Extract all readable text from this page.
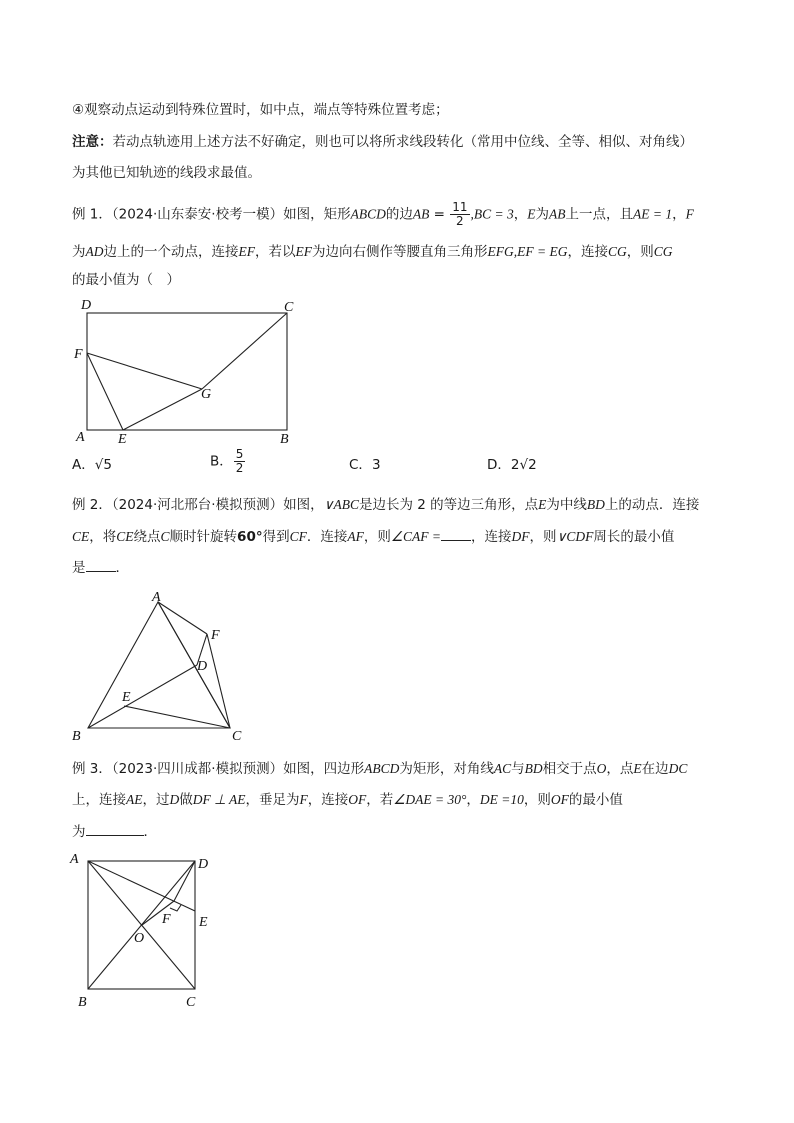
④观察动点运动到特殊位置时，如中点，端点等特殊位置考虑；
注意：若动点轨迹用上述方法不好确定，则也可以将所求线段转化（常用中位线、全等、相似、对角线）
为其他已知轨迹的线段求最值。
例 1．（2024·山东泰安·校考一模）如图，矩形ABCD的边AB = $\frac{11}{2} ,BC = 3$，E为AB上一点，且AE = 1，F
为AD边上的一个动点，连接EF，若以EF为边向右侧作等腰直角三角形EFG,EF = EG，连接CG，则CG
的最小值为（　）
D	C
F
G
A E	B
A．√5	B． $\frac{5}{2}$	C．3	D．2√2
例 2．（2024·河北邢台·模拟预测）如图，∨ABC是边长为 2 的等边三角形，点E为中线BD上的动点．连接
CE，将CE绕点C顺时针旋转60°得到CF．连接AF，则∠CAF = ，连接DF，则∨CDF周长的最小值
是 ．
A
F
D
E
B	C
例 3．（2023·四川成都·模拟预测）如图，四边形ABCD为矩形，对角线AC与BD相交于点O，点E在边DC
上，连接AE，过D做DF ⊥ AE，垂足为F，连接OF，若∠DAE = 30°，DE =10，则OF的最小值
为	．
A	D
F E
O
B	C
